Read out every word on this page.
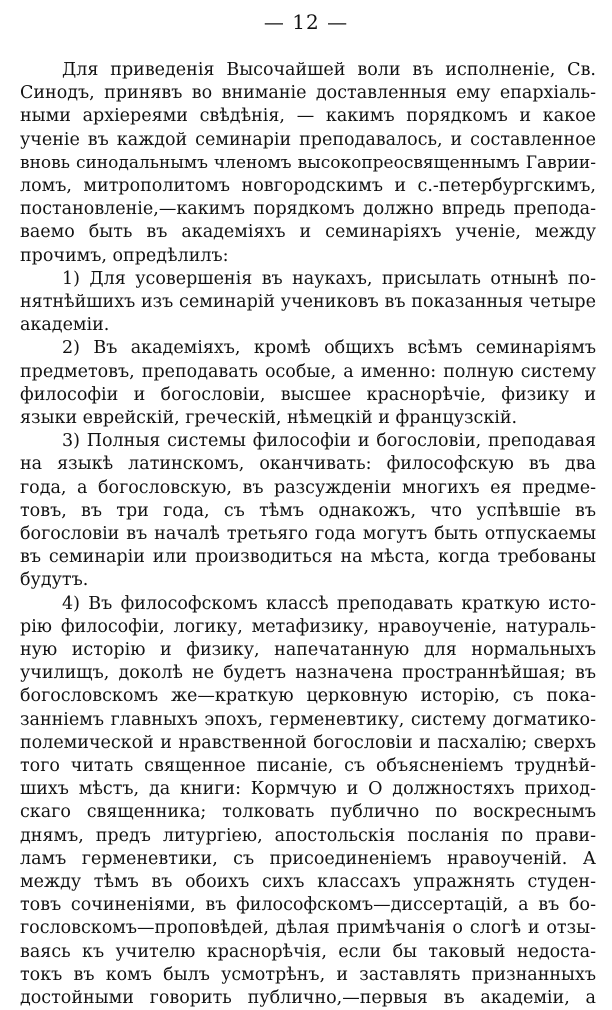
— 12 —
Для приведенія Высочайшей воли въ исполненіе, Св.
Синодъ, принявъ во вниманіе доставленныя ему епархіаль-
ными архіереями свѣдѣнія, — какимъ порядкомъ и какое
ученіе въ каждой семинаріи преподавалось, и составленное
вновь синодальнымъ членомъ высокопреосвященнымъ Гаврии-
ломъ, митрополитомъ новгородскимъ и с.-петербургскимъ,
постановленіе,—какимъ порядкомъ должно впредь препода-
ваемо быть въ академіяхъ и семинаріяхъ ученіе, между
прочимъ, опредѣлилъ:
1) Для усовершенія въ наукахъ, присылать отнынѣ по-
нятнѣйшихъ изъ семинарій учениковъ въ показанныя четыре
академіи.
2) Въ академіяхъ, кромѣ общихъ всѣмъ семинаріямъ
предметовъ, преподавать особые, а именно: полную систему
философіи и богословіи, высшее краснорѣчіе, физику и
языки еврейскій, греческій, нѣмецкій и французскій.
3) Полныя системы философіи и богословіи, преподавая
на языкѣ латинскомъ, оканчивать: философскую въ два
года, а богословскую, въ разсужденіи многихъ ея предме-
товъ, въ три года, съ тѣмъ однакожъ, что успѣвшіе въ
богословіи въ началѣ третьяго года могутъ быть отпускаемы
въ семинаріи или производиться на мѣста, когда требованы
будутъ.
4) Въ философскомъ классѣ преподавать краткую исто-
рію философіи, логику, метафизику, нравоученіе, натураль-
ную исторію и физику, напечатанную для нормальныхъ
училищъ, доколѣ не будетъ назначена пространнѣйшая; въ
богословскомъ же—краткую церковную исторію, съ пока-
занніемъ главныхъ эпохъ, герменевтику, систему догматико-
полемической и нравственной богословіи и пасхалію; сверхъ
того читать священное писаніе, съ объясненіемъ труднѣй-
шихъ мѣстъ, да книги: Кормчую и О должностяхъ приход-
скаго священника; толковать публично по воскреснымъ
днямъ, предъ литургіею, апостольскія посланія по прави-
ламъ герменевтики, съ присоединеніемъ нравоученій. А
между тѣмъ въ обоихъ сихъ классахъ упражнять студен-
товъ сочиненіями, въ философскомъ—диссертацій, а въ бо-
гословскомъ—проповѣдей, дѣлая примѣчанія о слогѣ и отзы-
ваясь къ учителю краснорѣчія, если бы таковый недоста-
токъ въ комъ былъ усмотрѣнъ, и заставлять признанныхъ
достойными говорить публично,—первыя въ академіи, а
